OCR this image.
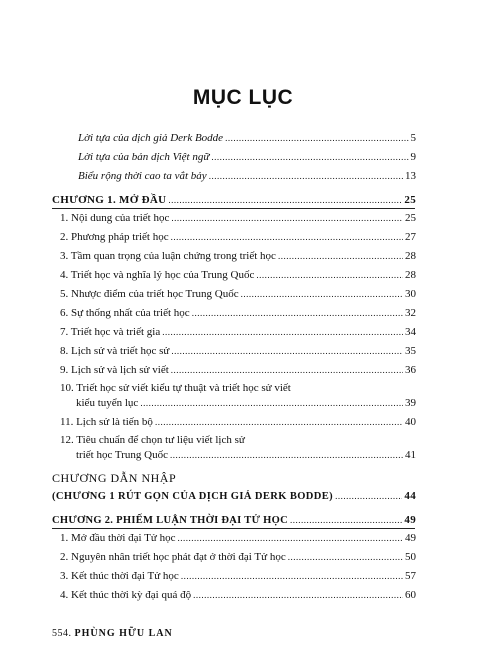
MỤC LỤC
Lời tựa của dịch giả Derk Bodde .....	5
Lời tựa của bản dịch Việt ngữ .....	9
Biểu rộng thời cao ta vắt bảy .....	13
CHƯƠNG 1. MỞ ĐẦU .....	25
1. Nội dung của triết học .....	25
2. Phương pháp triết học .....	27
3. Tầm quan trọng của luận chứng trong triết học .....	28
4. Triết học và nghĩa lý học của Trung Quốc .....	28
5. Nhược điểm của triết học Trung Quốc .....	30
6. Sự thống nhất của triết học .....	32
7. Triết học và triết gia .....	34
8. Lịch sử và triết học sử .....	35
9. Lịch sử và lịch sử viết .....	36
10. Triết học sử viết kiểu tự thuật và triết học sử viết
kiểu tuyển lục .....	39
11. Lịch sử là tiến bộ .....	40
12. Tiêu chuẩn để chọn tư liệu viết lịch sử
triết học Trung Quốc .....	41
CHƯƠNG DẪN NHẬP
(CHƯƠNG 1 RÚT GỌN CỦA DỊCH GIẢ DERK BODDE) .....	44
CHƯƠNG 2. PHIẾM LUẬN THỜI ĐẠI TỬ HỌC .....	49
1. Mở đầu thời đại Tử học .....	49
2. Nguyên nhân triết học phát đạt ở thời đại Tử học .....	50
3. Kết thúc thời đại Tử học .....	57
4. Kết thúc thời kỳ đại quá độ .....	60
554. PHÙNG HỮU LAN
